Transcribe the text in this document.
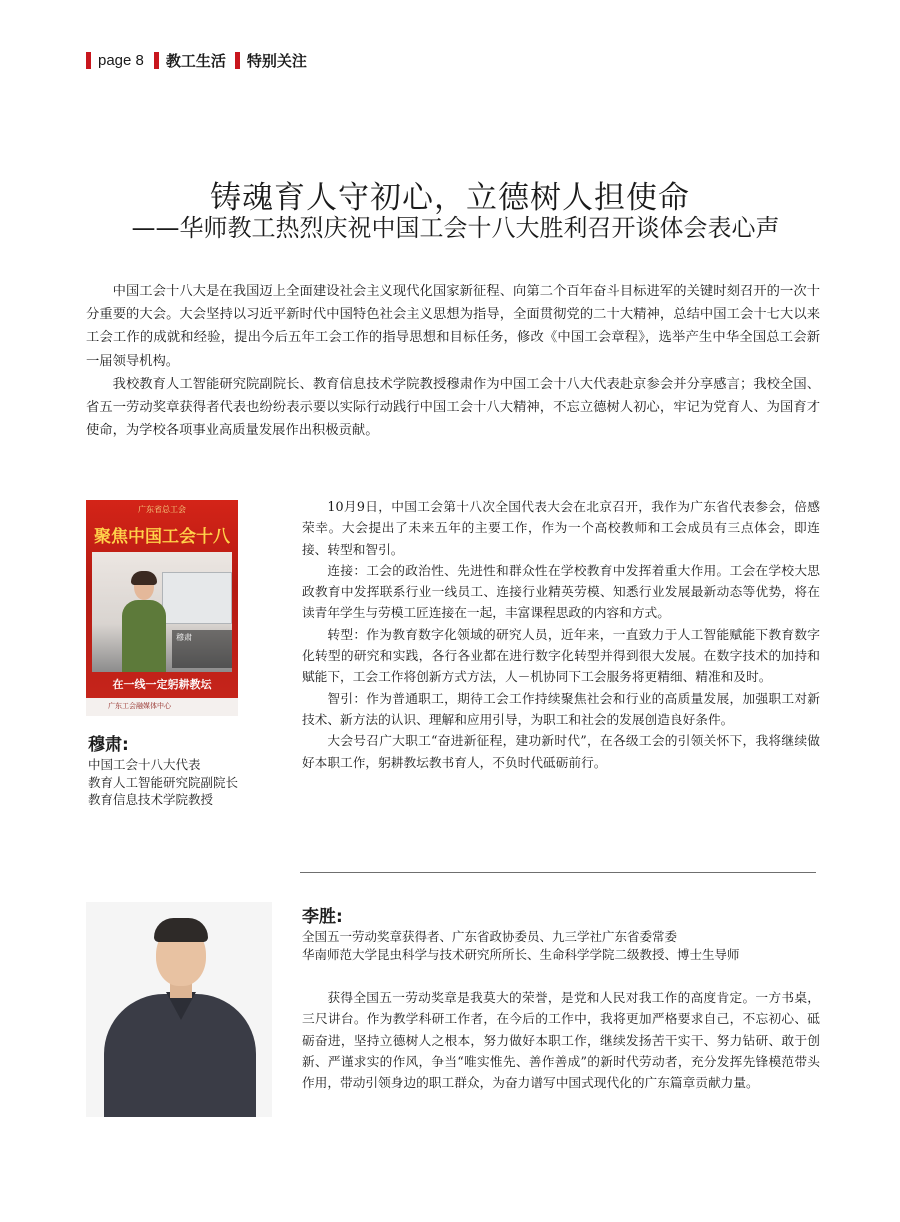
page 8 教工生活 特别关注
铸魂育人守初心，立德树人担使命
——华师教工热烈庆祝中国工会十八大胜利召开谈体会表心声

中国工会十八大是在我国迈上全面建设社会主义现代化国家新征程、向第二个百年奋斗目标进军的关键时刻召开的一次十分重要的大会。大会坚持以习近平新时代中国特色社会主义思想为指导，全面贯彻党的二十大精神，总结中国工会十七大以来工会工作的成就和经验，提出今后五年工会工作的指导思想和目标任务，修改《中国工会章程》，选举产生中华全国总工会新一届领导机构。

我校教育人工智能研究院副院长、教育信息技术学院教授穆肃作为中国工会十八大代表赴京参会并分享感言；我校全国、省五一劳动奖章获得者代表也纷纷表示要以实际行动践行中国工会十八大精神，不忘立德树人初心，牢记为党育人、为国育才使命，为学校各项事业高质量发展作出积极贡献。

广东省总工会
聚焦中国工会十八
穆肃
在一线一定躬耕教坛
广东工会融媒体中心
穆肃:
中国工会十八大代表
教育人工智能研究院副院长
教育信息技术学院教授

10月9日，中国工会第十八次全国代表大会在北京召开，我作为广东省代表参会，倍感荣幸。大会提出了未来五年的主要工作，作为一个高校教师和工会成员有三点体会，即连接、转型和智引。

连接：工会的政治性、先进性和群众性在学校教育中发挥着重大作用。工会在学校大思政教育中发挥联系行业一线员工、连接行业精英劳模、知悉行业发展最新动态等优势，将在读青年学生与劳模工匠连接在一起，丰富课程思政的内容和方式。

转型：作为教育数字化领域的研究人员，近年来，一直致力于人工智能赋能下教育数字化转型的研究和实践，各行各业都在进行数字化转型并得到很大发展。在数字技术的加持和赋能下，工会工作将创新方式方法，人－机协同下工会服务将更精细、精准和及时。

智引：作为普通职工，期待工会工作持续聚焦社会和行业的高质量发展，加强职工对新技术、新方法的认识、理解和应用引导，为职工和社会的发展创造良好条件。

大会号召广大职工“奋进新征程，建功新时代”，在各级工会的引领关怀下，我将继续做好本职工作，躬耕教坛教书育人，不负时代砥砺前行。

李胜:
全国五一劳动奖章获得者、广东省政协委员、九三学社广东省委常委
华南师范大学昆虫科学与技术研究所所长、生命科学学院二级教授、博士生导师

获得全国五一劳动奖章是我莫大的荣誉，是党和人民对我工作的高度肯定。一方书桌，三尺讲台。作为教学科研工作者，在今后的工作中，我将更加严格要求自己，不忘初心、砥砺奋进，坚持立德树人之根本，努力做好本职工作，继续发扬苦干实干、努力钻研、敢于创新、严谨求实的作风，争当“唯实惟先、善作善成”的新时代劳动者，充分发挥先锋模范带头作用，带动引领身边的职工群众，为奋力谱写中国式现代化的广东篇章贡献力量。
